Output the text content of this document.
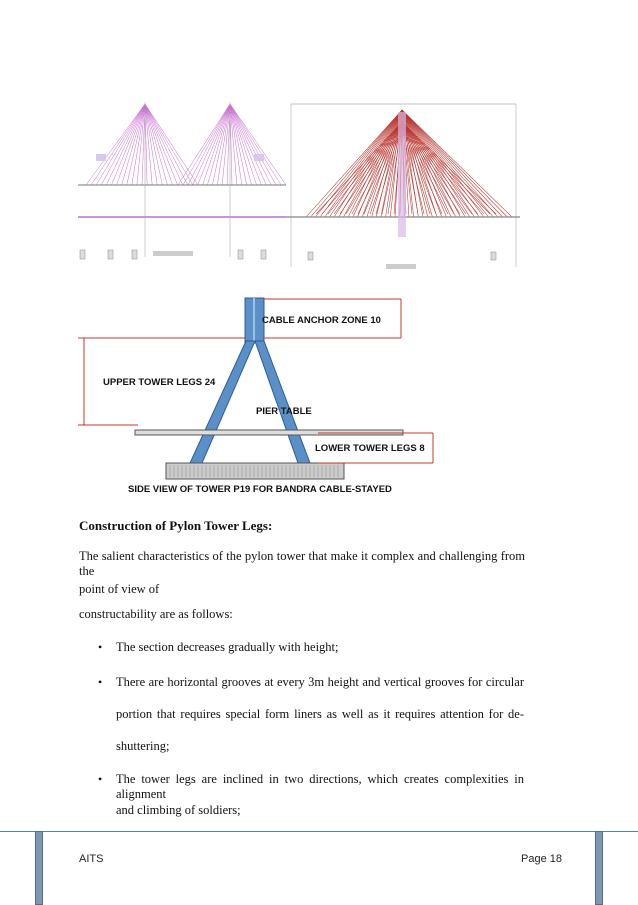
CABLE ANCHOR ZONE 10
UPPER TOWER LEGS 24
PIER TABLE
LOWER TOWER LEGS 8
SIDE VIEW OF TOWER P19 FOR BANDRA CABLE-STAYED
Construction of Pylon Tower Legs:
The salient characteristics of the pylon tower that make it complex and challenging from the
point of view of
constructability are as follows:
• The section decreases gradually with height;
• There are horizontal grooves at every 3m height and vertical grooves for circular
portion that requires special form liners as well as it requires attention for de-
shuttering;
• The tower legs are inclined in two directions, which creates complexities in alignment
and climbing of soldiers;
AITS	Page 18
